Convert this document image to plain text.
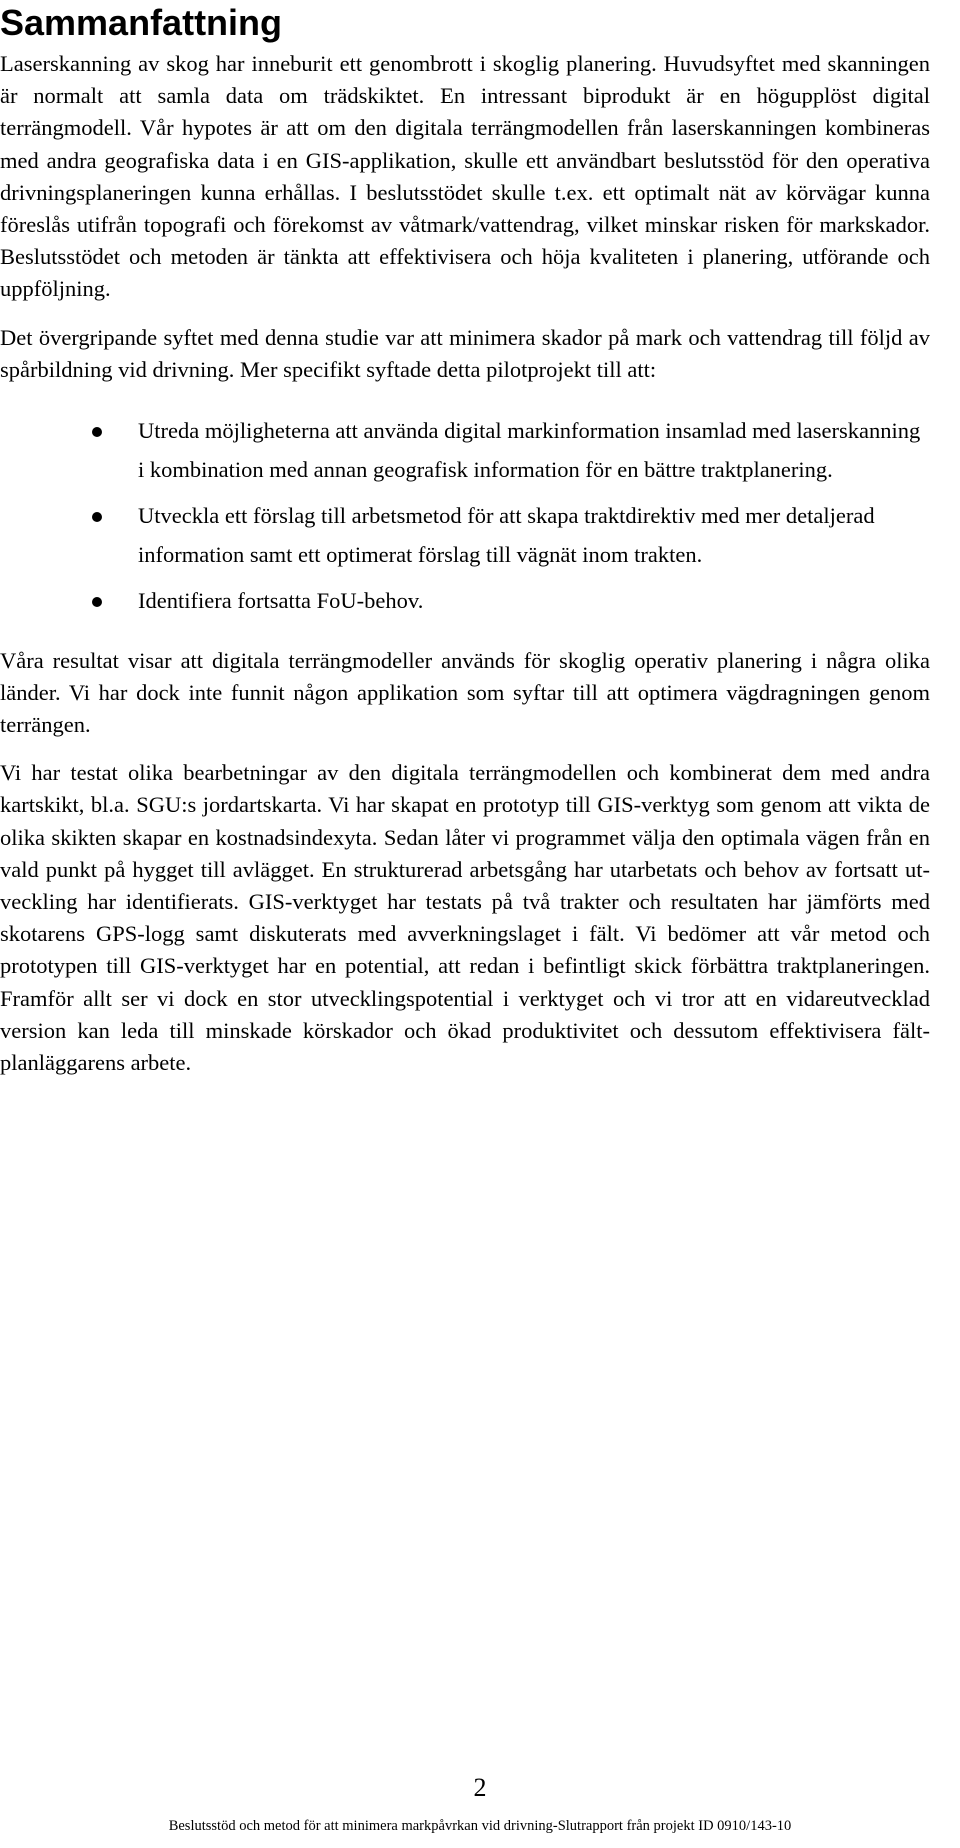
Sammanfattning

Laserskanning av skog har inneburit ett genombrott i skoglig planering. Huvudsyftet med skanningen är normalt att samla data om trädskiktet. En intressant biprodukt är en högupplöst digital terrängmodell. Vår hypotes är att om den digitala terrängmodellen från laserskanningen kombineras med andra geografiska data i en GIS-applikation, skulle ett användbart beslutsstöd för den operativa drivningsplaneringen kunna erhållas. I beslutsstödet skulle t.ex. ett optimalt nät av körvägar kunna föreslås utifrån topografi och förekomst av våtmark/vattendrag, vilket minskar risken för markskador. Beslutsstödet och metoden är tänkta att effektivisera och höja kvaliteten i planering, utförande och uppföljning.

Det övergripande syftet med denna studie var att minimera skador på mark och vattendrag till följd av spårbildning vid drivning. Mer specifikt syftade detta pilotprojekt till att:

Utreda möjligheterna att använda digital markinformation insamlad med laserskanning i kombination med annan geografisk information för en bättre traktplanering.
Utveckla ett förslag till arbetsmetod för att skapa traktdirektiv med mer detaljerad information samt ett optimerat förslag till vägnät inom trakten.
Identifiera fortsatta FoU-behov.

Våra resultat visar att digitala terrängmodeller används för skoglig operativ planering i några olika länder. Vi har dock inte funnit någon applikation som syftar till att optimera vägdragningen genom terrängen.

Vi har testat olika bearbetningar av den digitala terrängmodellen och kombinerat dem med andra kartskikt, bl.a. SGU:s jordartskarta. Vi har skapat en prototyp till GIS-verktyg som genom att vikta de olika skikten skapar en kostnadsindexyta. Sedan låter vi programmet välja den optimala vägen från en vald punkt på hygget till avlägget. En strukturerad arbetsgång har utarbetats och behov av fortsatt utveckling har identifierats. GIS-verktyget har testats på två trakter och resultaten har jämförts med skotarens GPS-logg samt diskuterats med avverkningslaget i fält. Vi bedömer att vår metod och prototypen till GIS-verktyget har en potential, att redan i befintligt skick förbättra traktplaneringen. Framför allt ser vi dock en stor utvecklingspotential i verktyget och vi tror att en vidareutvecklad version kan leda till minskade körskador och ökad produktivitet och dessutom effektivisera fältplanläggarens arbete.

2
Beslutsstöd och metod för att minimera markpåvrkan vid drivning-Slutrapport från projekt ID 0910/143-10
